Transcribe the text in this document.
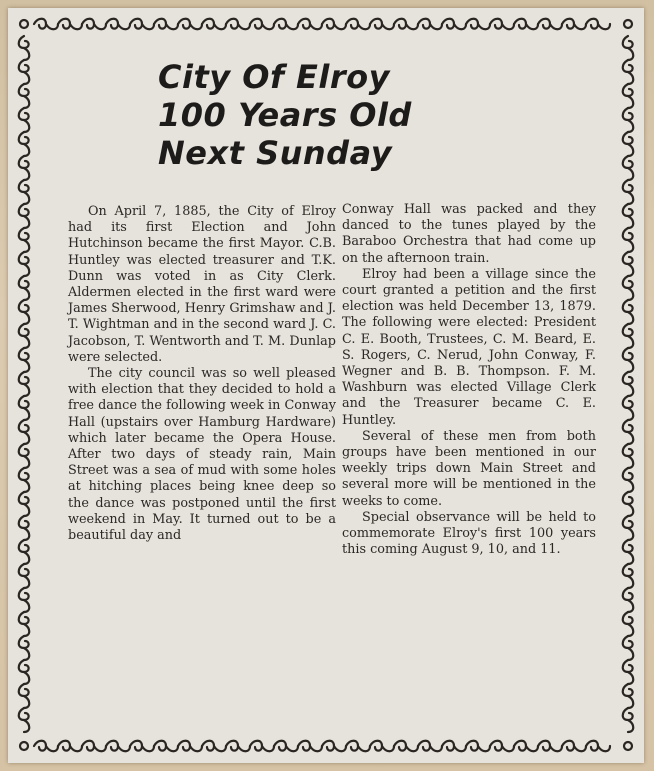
City Of Elroy
100 Years Old
Next Sunday

On April 7, 1885, the City of Elroy had its first Election and John Hutchinson became the first Mayor. C.B. Huntley was elected treasurer and T.K. Dunn was voted in as City Clerk. Aldermen elected in the first ward were James Sherwood, Henry Grimshaw and J. T. Wightman and in the second ward J. C. Jacobson, T. Wentworth and T. M. Dunlap were selected.

The city council was so well pleased with election that they decided to hold a free dance the following week in Conway Hall (upstairs over Hamburg Hardware) which later became the Opera House. After two days of steady rain, Main Street was a sea of mud with some holes at hitching places being knee deep so the dance was postponed until the first weekend in May. It turned out to be a beautiful day and

Conway Hall was packed and they danced to the tunes played by the Baraboo Orchestra that had come up on the afternoon train.

Elroy had been a village since the court granted a petition and the first election was held December 13, 1879. The following were elected: President C. E. Booth, Trustees, C. M. Beard, E. S. Rogers, C. Nerud, John Conway, F. Wegner and B. B. Thompson. F. M. Washburn was elected Village Clerk and the Treasurer became C. E. Huntley.

Several of these men from both groups have been mentioned in our weekly trips down Main Street and several more will be mentioned in the weeks to come.

Special observance will be held to commemorate Elroy's first 100 years this coming August 9, 10, and 11.
